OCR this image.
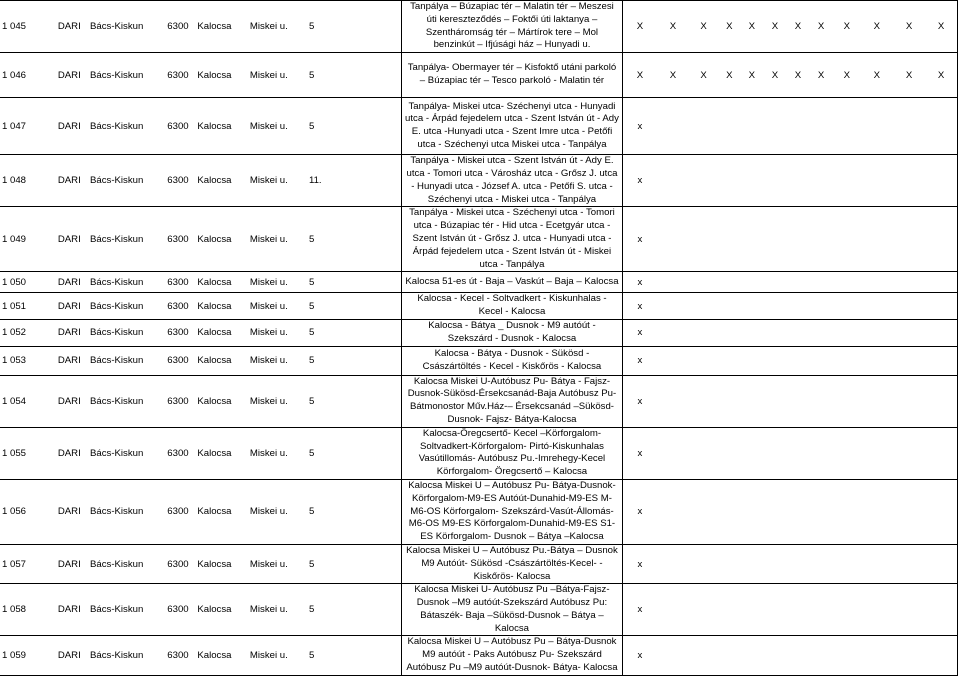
1 045	DARI	Bács-Kiskun	6300	Kalocsa	Miskei u.	5	Tanpálya – Búzapiac tér – Malatin tér – Meszesi úti kereszteződés – Foktői úti laktanya – Szentháromság tér – Mártírok tere – Mol benzinkút – Ifjúsági ház – Hunyadi u.	X	X	X	X	X	X	X	X	X	X	X	X
1 046	DARI	Bács-Kiskun	6300	Kalocsa	Miskei u.	5	Tanpálya- Obermayer tér – Kisfoktő utáni parkoló – Búzapiac tér – Tesco parkoló - Malatin tér	X	X	X	X	X	X	X	X	X	X	X	X
1 047	DARI	Bács-Kiskun	6300	Kalocsa	Miskei u.	5	Tanpálya- Miskei utca- Széchenyi utca - Hunyadi utca - Árpád fejedelem utca - Szent István út - Ady E. utca -Hunyadi utca - Szent Imre utca - Petőfi utca - Széchenyi utca Miskei utca - Tanpálya	x											
1 048	DARI	Bács-Kiskun	6300	Kalocsa	Miskei u.	11.	Tanpálya - Miskei utca - Szent István út - Ady E. utca - Tomori utca - Városház utca - Grősz J. utca - Hunyadi utca - József A. utca - Petőfi S. utca - Széchenyi utca - Miskei utca - Tanpálya	x											
1 049	DARI	Bács-Kiskun	6300	Kalocsa	Miskei u.	5	Tanpálya - Miskei utca - Széchenyi utca - Tomori utca - Búzapiac tér - Hid utca - Ecetgyár utca - Szent István út - Grősz J. utca - Hunyadi utca - Árpád fejedelem utca - Szent István út - Miskei utca - Tanpálya	x											
1 050	DARI	Bács-Kiskun	6300	Kalocsa	Miskei u.	5	Kalocsa 51-es út - Baja – Vaskút – Baja – Kalocsa	x											
1 051	DARI	Bács-Kiskun	6300	Kalocsa	Miskei u.	5	Kalocsa - Kecel - Soltvadkert - Kiskunhalas - Kecel - Kalocsa	x											
1 052	DARI	Bács-Kiskun	6300	Kalocsa	Miskei u.	5	Kalocsa - Bátya _ Dusnok - M9 autóút - Szekszárd - Dusnok - Kalocsa	x											
1 053	DARI	Bács-Kiskun	6300	Kalocsa	Miskei u.	5	Kalocsa - Bátya - Dusnok - Sükösd - Császártöltés - Kecel - Kiskőrös - Kalocsa	x											
1 054	DARI	Bács-Kiskun	6300	Kalocsa	Miskei u.	5	Kalocsa Miskei U-Autóbusz Pu- Bátya - Fajsz-Dusnok-Sükösd-Érsekcsanád-Baja Autóbusz Pu-Bátmonostor Műv.Ház-– Érsekcsanád –Sükösd- Dusnok- Fajsz- Bátya-Kalocsa	x											
1 055	DARI	Bács-Kiskun	6300	Kalocsa	Miskei u.	5	Kalocsa-Öregcsertő- Kecel –Körforgalom-Soltvadkert-Körforgalom- Pirtó-Kiskunhalas Vasútillomás- Autóbusz Pu.-Imrehegy-Kecel Körforgalom- Öregcsertő – Kalocsa	x											
1 056	DARI	Bács-Kiskun	6300	Kalocsa	Miskei u.	5	Kalocsa Miskei U – Autóbusz Pu- Bátya-Dusnok-Körforgalom-M9-ES Autóút-Dunahid-M9-ES M-M6-OS Körforgalom- Szekszárd-Vasút-Állomás-M6-OS M9-ES Körforgalom-Dunahid-M9-ES S1-ES Körforgalom- Dusnok – Bátya –Kalocsa	x											
1 057	DARI	Bács-Kiskun	6300	Kalocsa	Miskei u.	5	Kalocsa Miskei U – Autóbusz Pu.-Bátya – Dusnok M9 Autóút- Sükösd -Császártöltés-Kecel- - Kiskőrös- Kalocsa	x											
1 058	DARI	Bács-Kiskun	6300	Kalocsa	Miskei u.	5	Kalocsa Miskei U- Autóbusz Pu –Bátya-Fajsz-Dusnok –M9 autóút-Szekszárd Autóbusz Pu: Bátaszék- Baja –Sükösd-Dusnok – Bátya – Kalocsa	x											
1 059	DARI	Bács-Kiskun	6300	Kalocsa	Miskei u.	5	Kalocsa Miskei U – Autóbusz Pu – Bátya-Dusnok M9 autóút - Paks Autóbusz Pu- Szekszárd Autóbusz Pu –M9 autóút-Dusnok- Bátya- Kalocsa	x											
